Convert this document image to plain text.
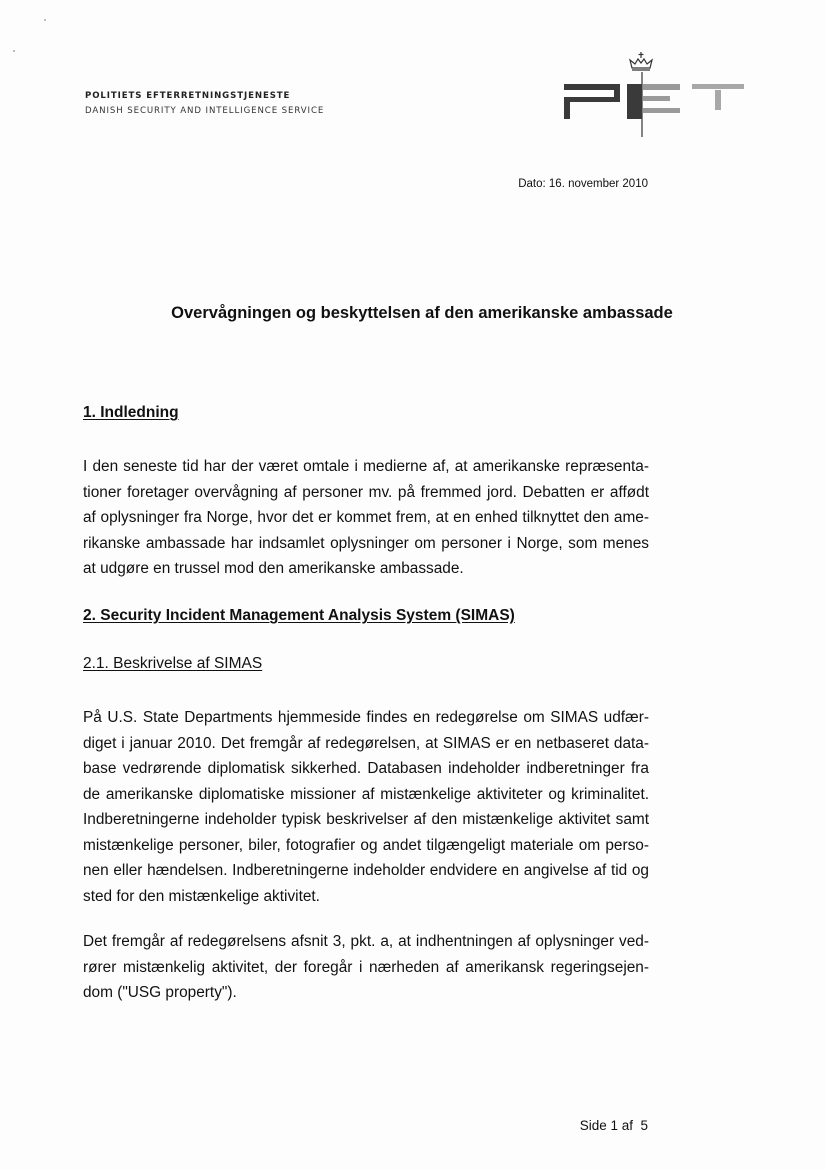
POLITIETS EFTERRETNINGSTJENESTE
DANISH SECURITY AND INTELLIGENCE SERVICE
Dato: 16. november 2010
Overvågningen og beskyttelsen af den amerikanske ambassade
1. Indledning
I den seneste tid har der været omtale i medierne af, at amerikanske repræsenta-
tioner foretager overvågning af personer mv. på fremmed jord. Debatten er affødt
af oplysninger fra Norge, hvor det er kommet frem, at en enhed tilknyttet den ame-
rikanske ambassade har indsamlet oplysninger om personer i Norge, som menes
at udgøre en trussel mod den amerikanske ambassade.
2. Security Incident Management Analysis System (SIMAS)
2.1. Beskrivelse af SIMAS
På U.S. State Departments hjemmeside findes en redegørelse om SIMAS udfær-
diget i januar 2010. Det fremgår af redegørelsen, at SIMAS er en netbaseret data-
base vedrørende diplomatisk sikkerhed. Databasen indeholder indberetninger fra
de amerikanske diplomatiske missioner af mistænkelige aktiviteter og kriminalitet.
Indberetningerne indeholder typisk beskrivelser af den mistænkelige aktivitet samt
mistænkelige personer, biler, fotografier og andet tilgængeligt materiale om perso-
nen eller hændelsen. Indberetningerne indeholder endvidere en angivelse af tid og
sted for den mistænkelige aktivitet.
Det fremgår af redegørelsens afsnit 3, pkt. a, at indhentningen af oplysninger ved-
rører mistænkelig aktivitet, der foregår i nærheden af amerikansk regeringsejen-
dom ("USG property").
Side 1 af  5
